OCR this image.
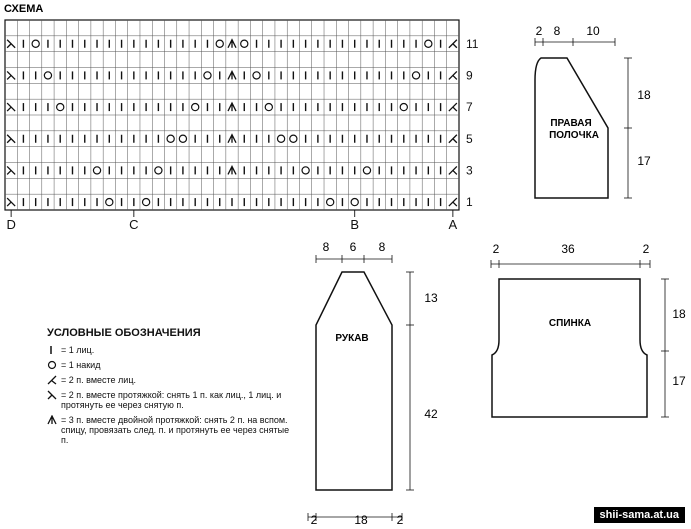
СХЕМА
11
9
7
5
3
1
D	C	B	A
ПРАВАЯ
ПОЛОЧКА
2 8 10
18
17
РУКАВ
8 6 8
13
42
2	18 2
СПИНКА
2	36	2
18
17
УСЛОВНЫЕ ОБОЗНАЧЕНИЯ
= 1 лиц.
= 1 накид
= 2 п. вместе лиц.
= 2 п. вместе протяжкой: снять 1 п. как лиц., 1 лиц. и протянуть ее через снятую п.
= 3 п. вместе двойной протяжкой: снять 2 п. на вспом. спицу, провязать след. п. и протянуть ее через снятые п.
shii-sama.at.ua
